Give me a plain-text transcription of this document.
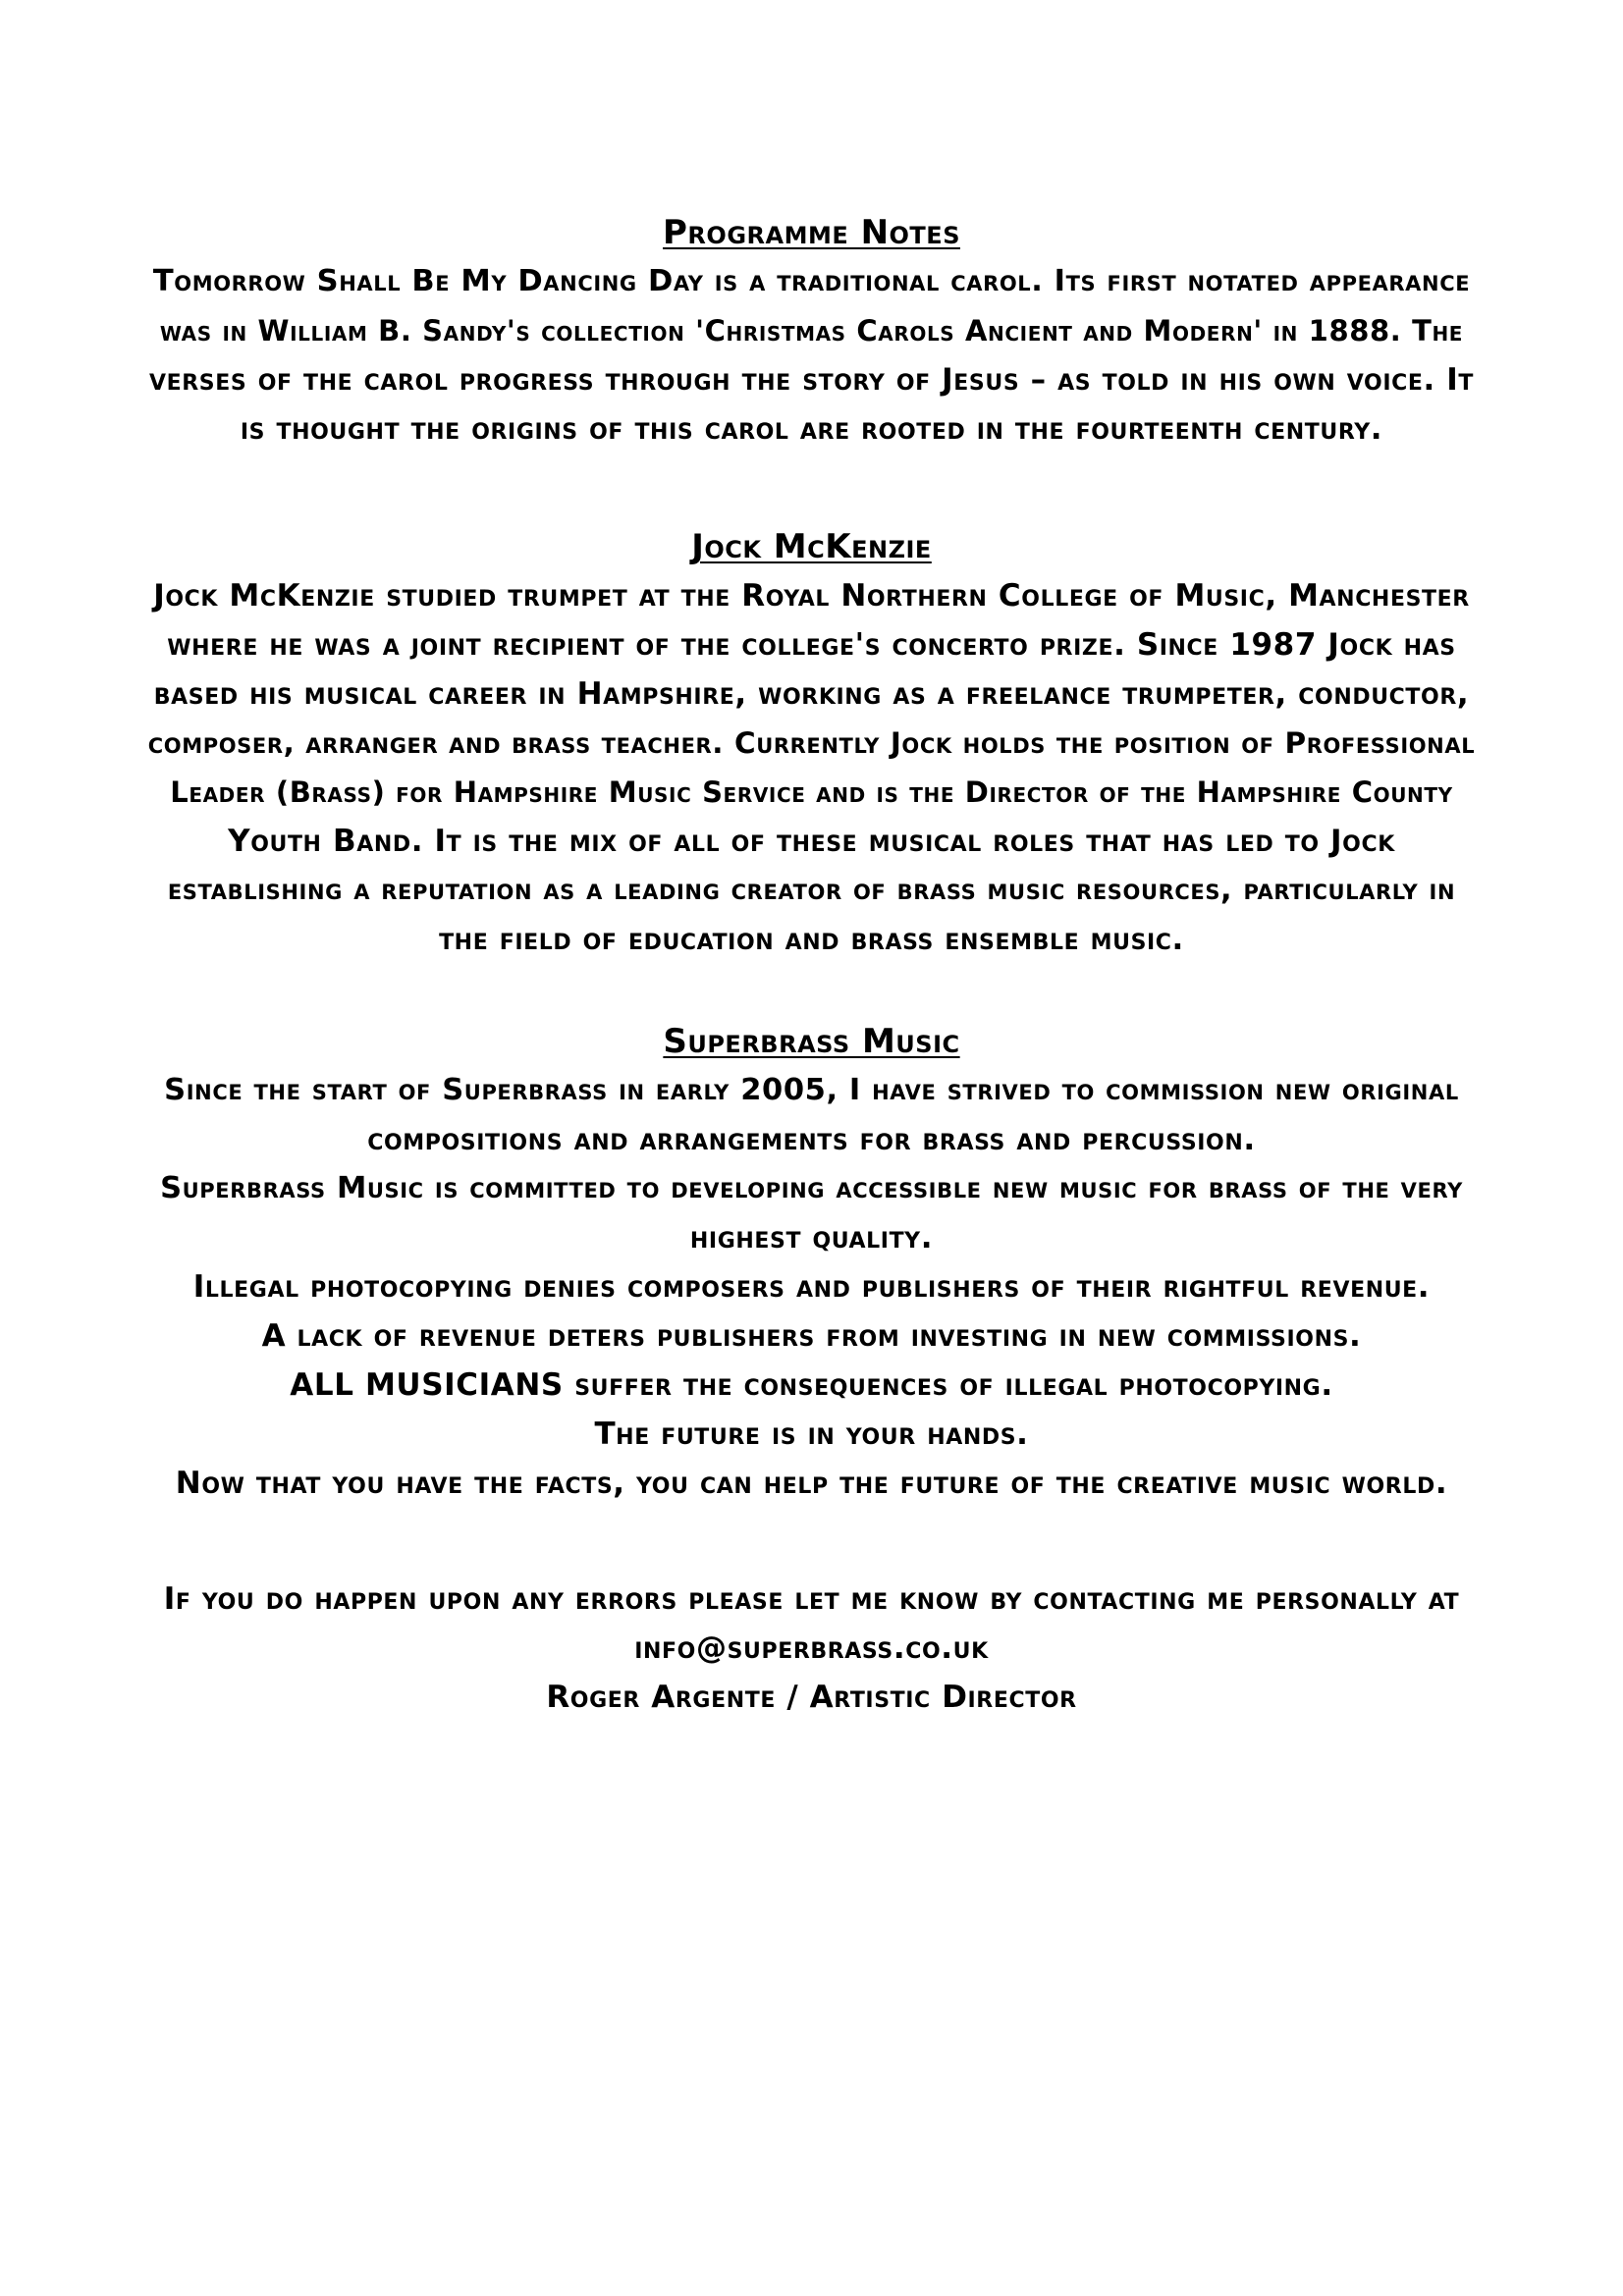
Programme Notes
Tomorrow Shall Be My Dancing Day is a traditional carol. Its first notated appearance
was in William B. Sandy's collection 'Christmas Carols Ancient and Modern' in 1888. The
verses of the carol progress through the story of Jesus – as told in his own voice. It
is thought the origins of this carol are rooted in the fourteenth century.
Jock McKenzie
Jock McKenzie studied trumpet at the Royal Northern College of Music, Manchester
where he was a joint recipient of the college's concerto prize. Since 1987 Jock has
based his musical career in Hampshire, working as a freelance trumpeter, conductor,
composer, arranger and brass teacher. Currently Jock holds the position of Professional
Leader (Brass) for Hampshire Music Service and is the Director of the Hampshire County
Youth Band. It is the mix of all of these musical roles that has led to Jock
establishing a reputation as a leading creator of brass music resources, particularly in
the field of education and brass ensemble music.
Superbrass Music
Since the start of Superbrass in early 2005, I have strived to commission new original
compositions and arrangements for brass and percussion.
Superbrass Music is committed to developing accessible new music for brass of the very
highest quality.
Illegal photocopying denies composers and publishers of their rightful revenue.
A lack of revenue deters publishers from investing in new commissions.
ALL MUSICIANS suffer the consequences of illegal photocopying.
The future is in your hands.
Now that you have the facts, you can help the future of the creative music world.
If you do happen upon any errors please let me know by contacting me personally at
info@superbrass.co.uk
Roger Argente / Artistic Director
